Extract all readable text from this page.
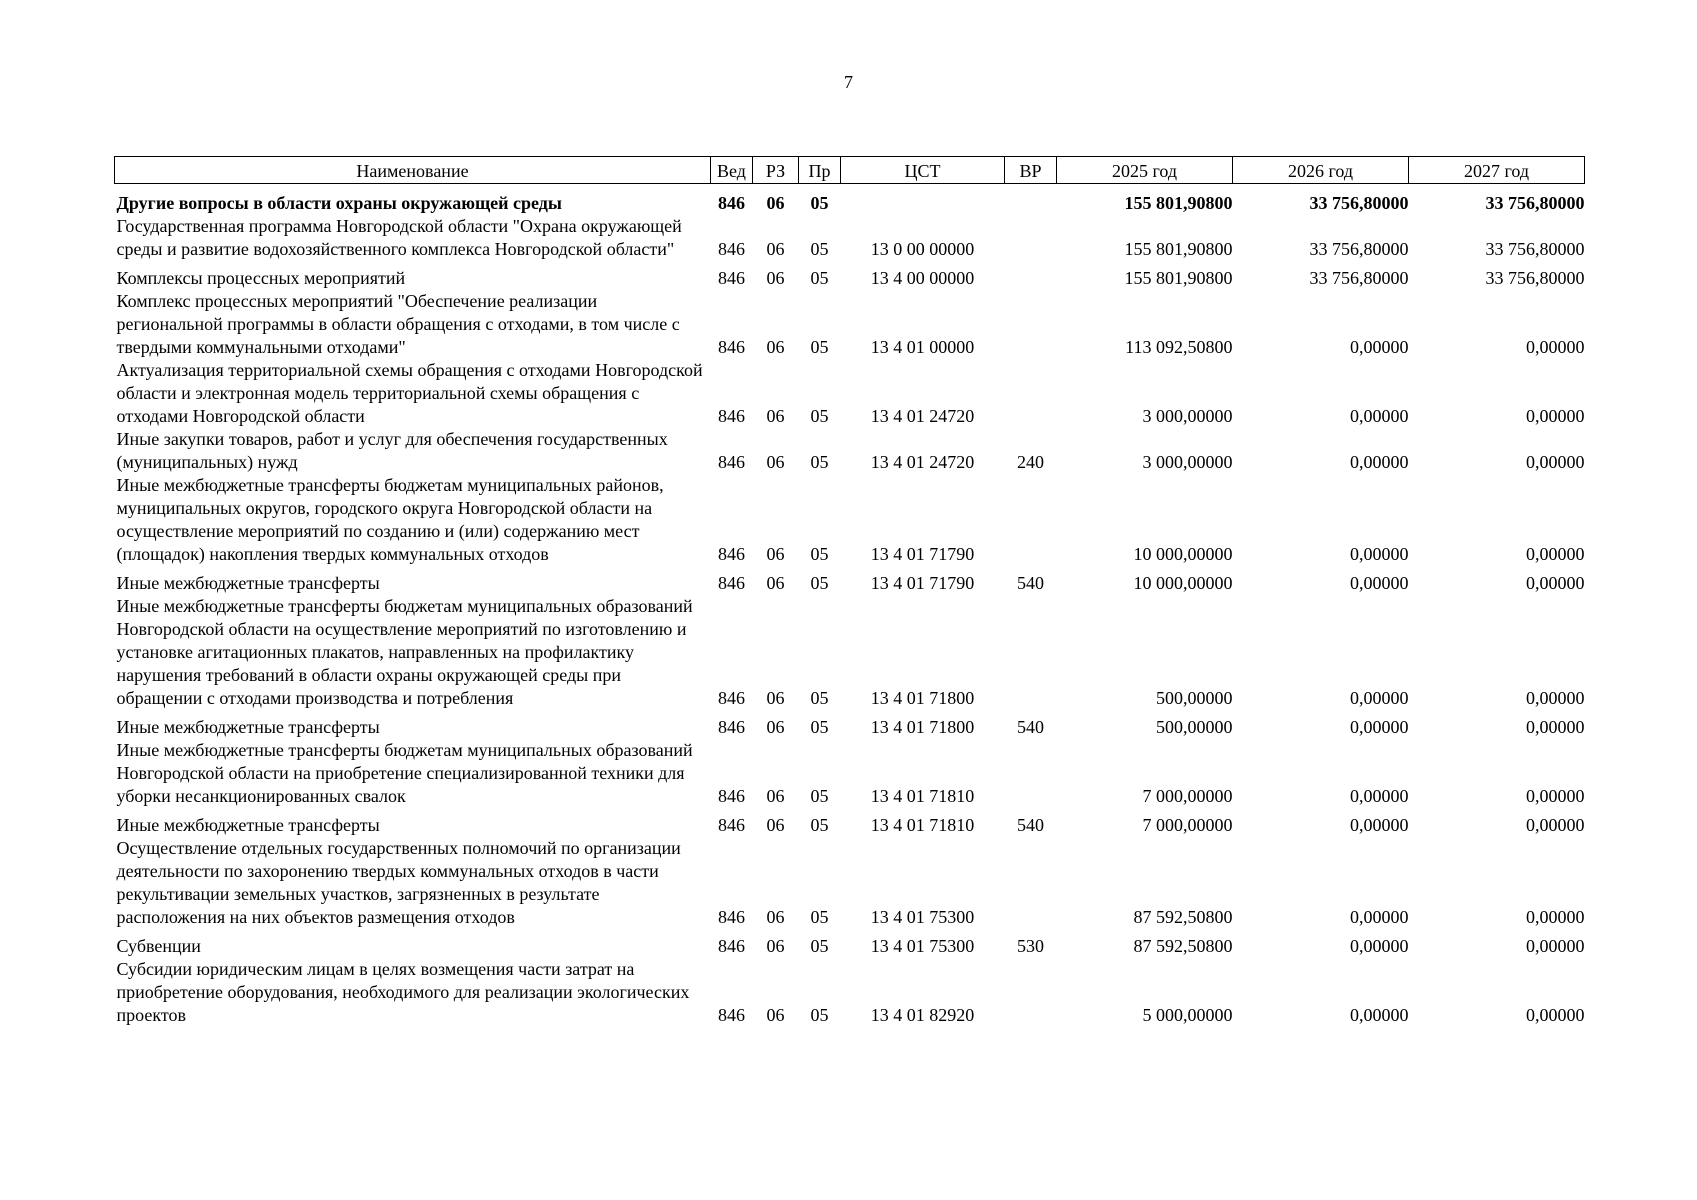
7
Наименование	Вед	РЗ	Пр	ЦСТ	ВР	2025 год	2026 год	2027 год
Другие вопросы в области охраны окружающей среды	846	06	05			155 801,90800	33 756,80000	33 756,80000
Государственная программа Новгородской области "Охрана окружающей среды и развитие водохозяйственного комплекса Новгородской области"	846	06	05	13 0 00 00000		155 801,90800	33 756,80000	33 756,80000
Комплексы процессных мероприятий	846	06	05	13 4 00 00000		155 801,90800	33 756,80000	33 756,80000
Комплекс процессных мероприятий "Обеспечение реализации региональной программы в области обращения с отходами, в том числе с твердыми коммунальными отходами"	846	06	05	13 4 01 00000		113 092,50800	0,00000	0,00000
Актуализация территориальной схемы обращения с отходами Новгородской области и электронная модель территориальной схемы обращения с отходами Новгородской области	846	06	05	13 4 01 24720		3 000,00000	0,00000	0,00000
Иные закупки товаров, работ и услуг для обеспечения государственных (муниципальных) нужд	846	06	05	13 4 01 24720	240	3 000,00000	0,00000	0,00000
Иные межбюджетные трансферты бюджетам муниципальных районов, муниципальных округов, городского округа Новгородской области на осуществление мероприятий по созданию и (или) содержанию мест (площадок) накопления твердых коммунальных отходов	846	06	05	13 4 01 71790		10 000,00000	0,00000	0,00000
Иные межбюджетные трансферты	846	06	05	13 4 01 71790	540	10 000,00000	0,00000	0,00000
Иные межбюджетные трансферты бюджетам муниципальных образований Новгородской области на осуществление мероприятий по изготовлению и установке агитационных плакатов, направленных на профилактику нарушения требований в области охраны окружающей среды при обращении с отходами производства и потребления	846	06	05	13 4 01 71800		500,00000	0,00000	0,00000
Иные межбюджетные трансферты	846	06	05	13 4 01 71800	540	500,00000	0,00000	0,00000
Иные межбюджетные трансферты бюджетам муниципальных образований Новгородской области на приобретение специализированной техники для уборки несанкционированных свалок	846	06	05	13 4 01 71810		7 000,00000	0,00000	0,00000
Иные межбюджетные трансферты	846	06	05	13 4 01 71810	540	7 000,00000	0,00000	0,00000
Осуществление отдельных государственных полномочий по организации деятельности по захоронению твердых коммунальных отходов в части рекультивации земельных участков, загрязненных в результате расположения на них объектов размещения отходов	846	06	05	13 4 01 75300		87 592,50800	0,00000	0,00000
Субвенции	846	06	05	13 4 01 75300	530	87 592,50800	0,00000	0,00000
Субсидии юридическим лицам в целях возмещения части затрат на приобретение оборудования, необходимого для реализации экологических проектов	846	06	05	13 4 01 82920		5 000,00000	0,00000	0,00000
